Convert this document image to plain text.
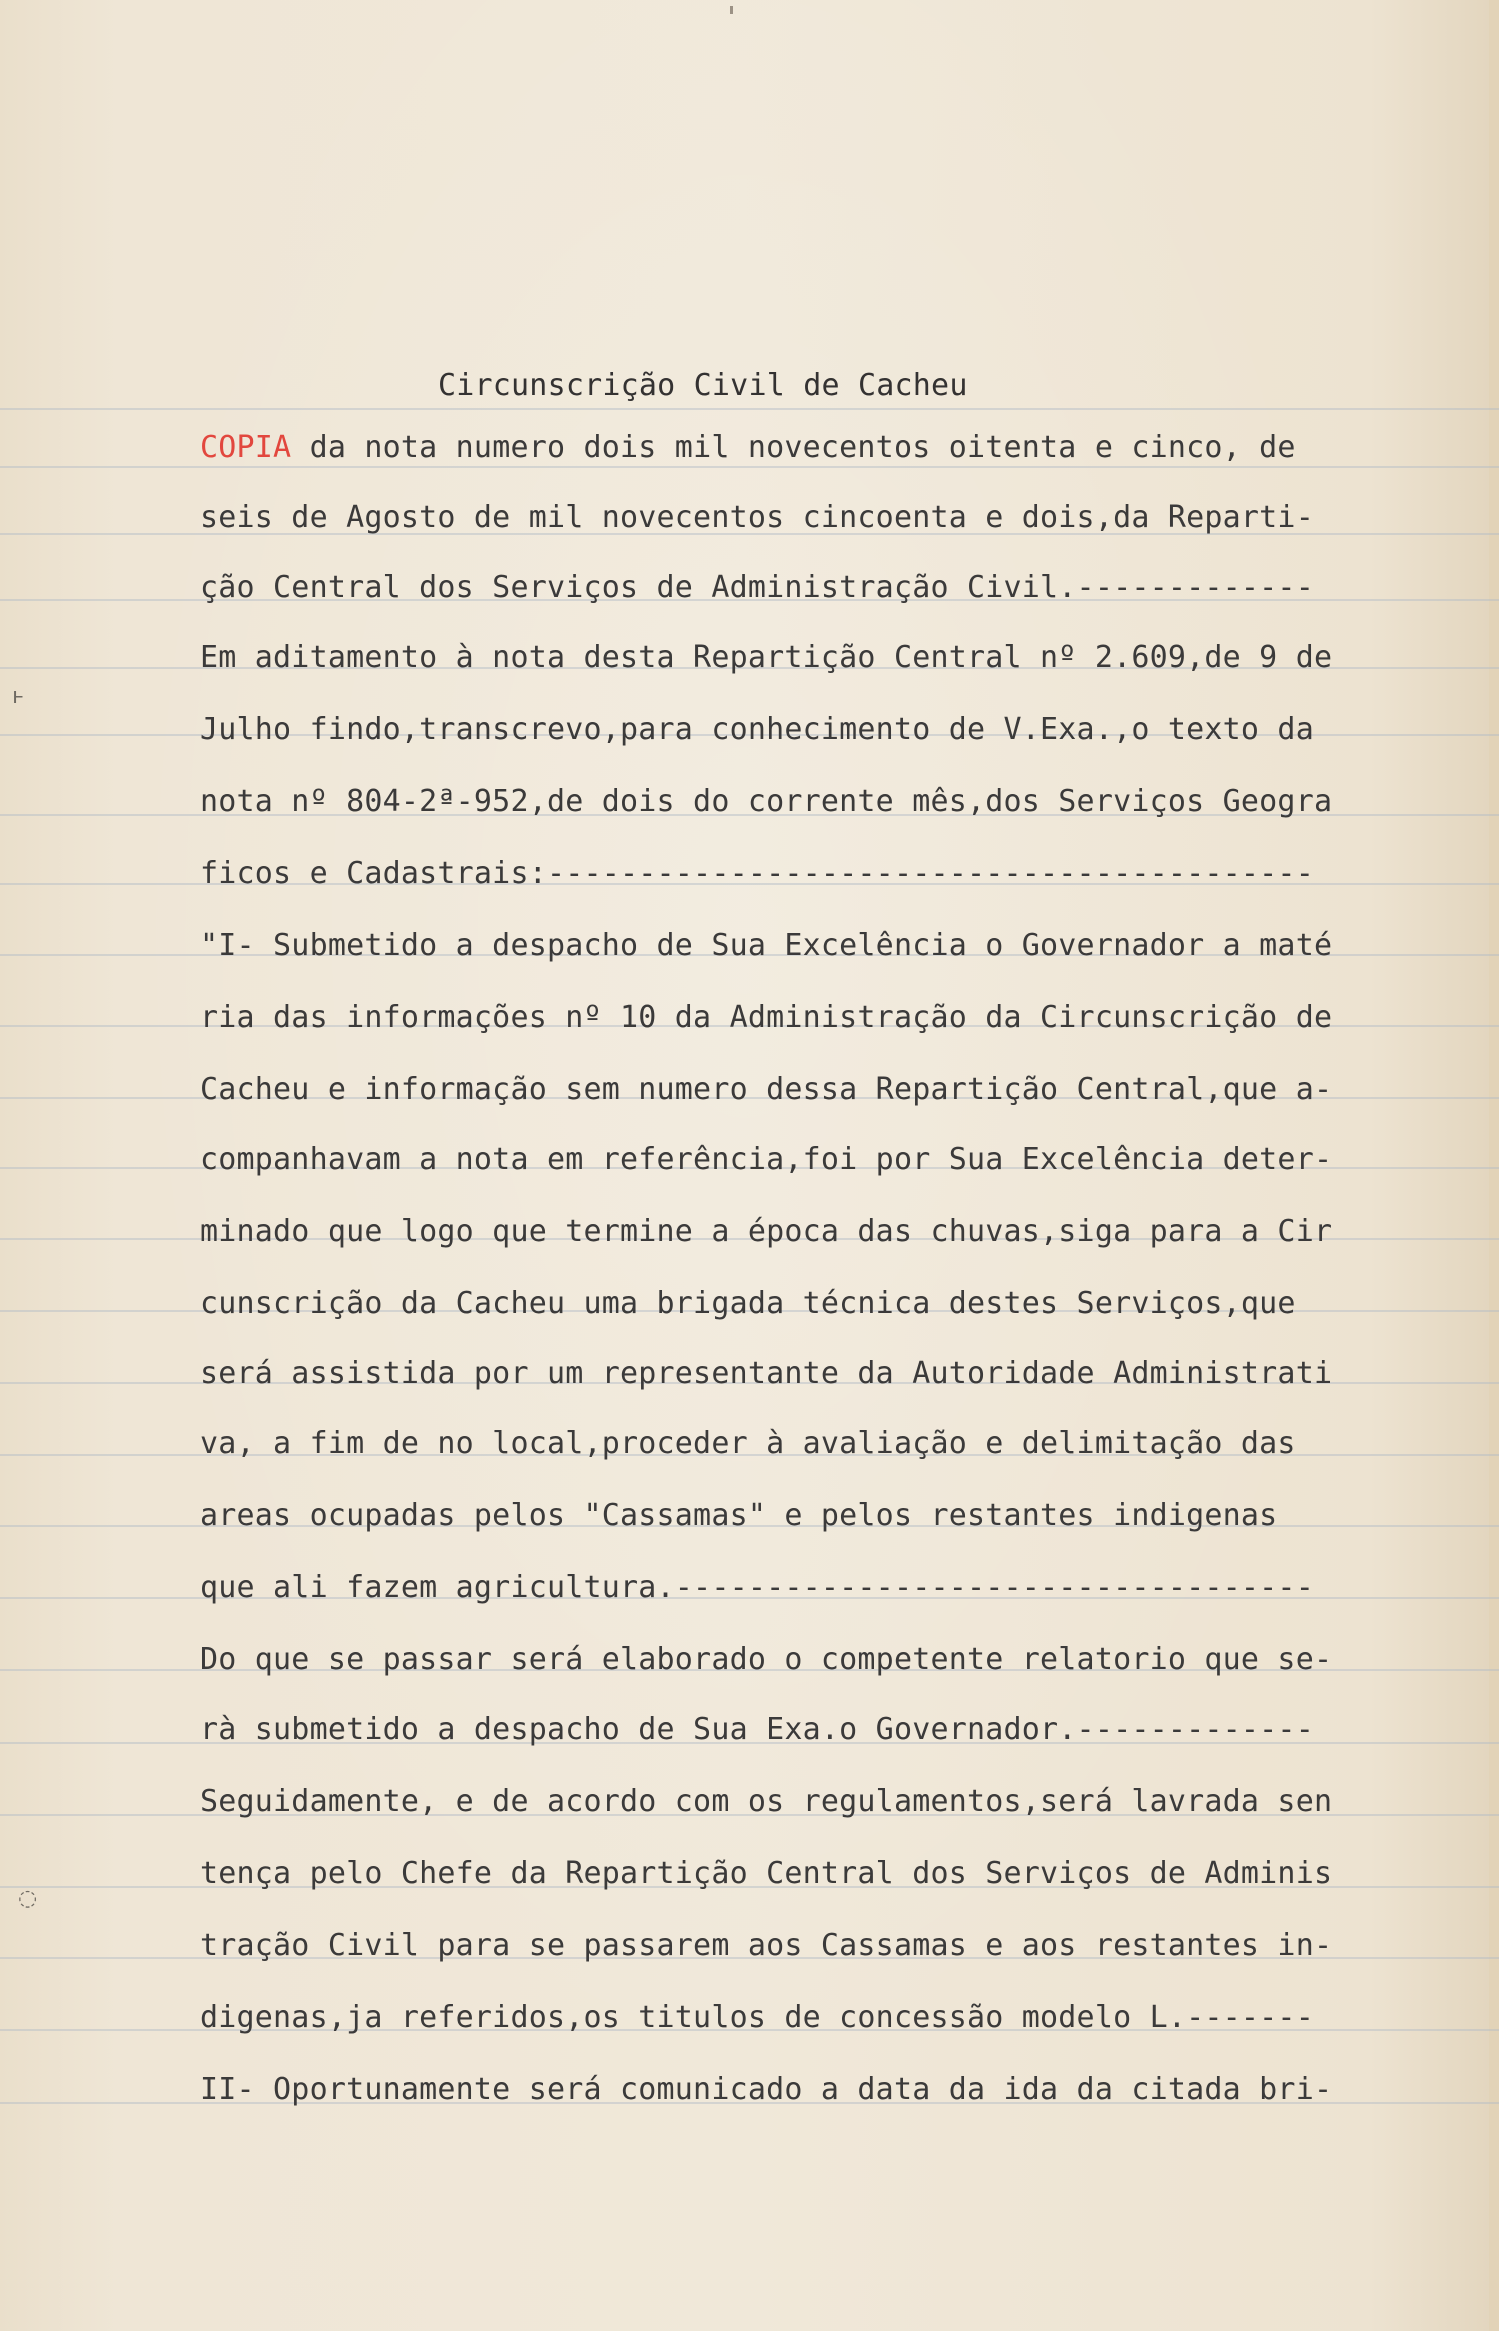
ⱶ
◌
Circunscrição Civil de Cacheu
COPIA da nota numero dois mil novecentos oitenta e cinco, de
seis de Agosto de mil novecentos cincoenta e dois,da Reparti-
ção Central dos Serviços de Administração Civil.-------------
Em aditamento à nota desta Repartição Central nº 2.609,de 9 de
Julho findo,transcrevo,para conhecimento de V.Exa.,o texto da
nota nº 804-2ª-952,de dois do corrente mês,dos Serviços Geogra
ficos e Cadastrais:------------------------------------------
"I- Submetido a despacho de Sua Excelência o Governador a maté
ria das informações nº 10 da Administração da Circunscrição de
Cacheu e informação sem numero dessa Repartição Central,que a-
companhavam a nota em referência,foi por Sua Excelência deter-
minado que logo que termine a época das chuvas,siga para a Cir
cunscrição da Cacheu uma brigada técnica destes Serviços,que
será assistida por um representante da Autoridade Administrati
va, a fim de no local,proceder à avaliação e delimitação das
areas ocupadas pelos "Cassamas" e pelos restantes indigenas
que ali fazem agricultura.-----------------------------------
Do que se passar será elaborado o competente relatorio que se-
rà submetido a despacho de Sua Exa.o Governador.-------------
Seguidamente, e de acordo com os regulamentos,será lavrada sen
tença pelo Chefe da Repartição Central dos Serviços de Adminis
tração Civil para se passarem aos Cassamas e aos restantes in-
digenas,ja referidos,os titulos de concessão modelo L.-------
II- Oportunamente será comunicado a data da ida da citada bri-
